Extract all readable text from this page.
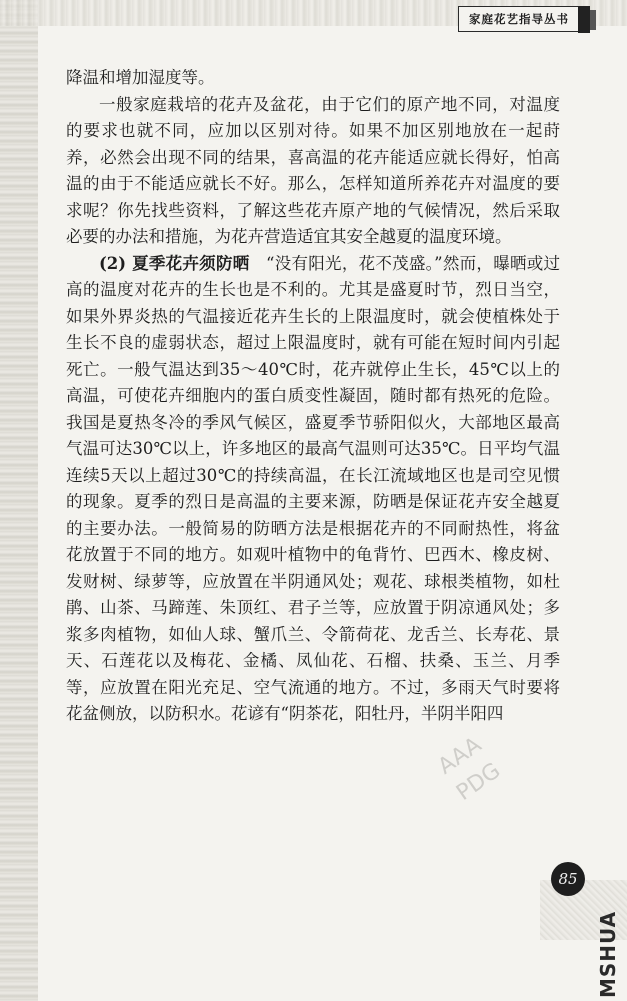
家庭花艺指导丛书

降温和增加湿度等。

一般家庭栽培的花卉及盆花，由于它们的原产地不同，对温度的要求也就不同，应加以区别对待。如果不加区别地放在一起莳养，必然会出现不同的结果，喜高温的花卉能适应就长得好，怕高温的由于不能适应就长不好。那么，怎样知道所养花卉对温度的要求呢？你先找些资料，了解这些花卉原产地的气候情况，然后采取必要的办法和措施，为花卉营造适宜其安全越夏的温度环境。

(2) 夏季花卉须防晒 “没有阳光，花不茂盛。”然而，曝晒或过高的温度对花卉的生长也是不利的。尤其是盛夏时节，烈日当空，如果外界炎热的气温接近花卉生长的上限温度时，就会使植株处于生长不良的虚弱状态，超过上限温度时，就有可能在短时间内引起死亡。一般气温达到35～40℃时，花卉就停止生长，45℃以上的高温，可使花卉细胞内的蛋白质变性凝固，随时都有热死的危险。我国是夏热冬冷的季风气候区，盛夏季节骄阳似火，大部地区最高气温可达30℃以上，许多地区的最高气温则可达35℃。日平均气温连续5天以上超过30℃的持续高温，在长江流域地区也是司空见惯的现象。夏季的烈日是高温的主要来源，防晒是保证花卉安全越夏的主要办法。一般简易的防晒方法是根据花卉的不同耐热性，将盆花放置于不同的地方。如观叶植物中的龟背竹、巴西木、橡皮树、发财树、绿萝等，应放置在半阴通风处；观花、球根类植物，如杜鹃、山茶、马蹄莲、朱顶红、君子兰等，应放置于阴凉通风处；多浆多肉植物，如仙人球、蟹爪兰、令箭荷花、龙舌兰、长寿花、景天、石莲花以及梅花、金橘、凤仙花、石榴、扶桑、玉兰、月季等，应放置在阳光充足、空气流通的地方。不过，多雨天气时要将花盆侧放，以防积水。花谚有“阴茶花，阳牡丹，半阴半阳四

AAA
PDG
85
MSHUA
